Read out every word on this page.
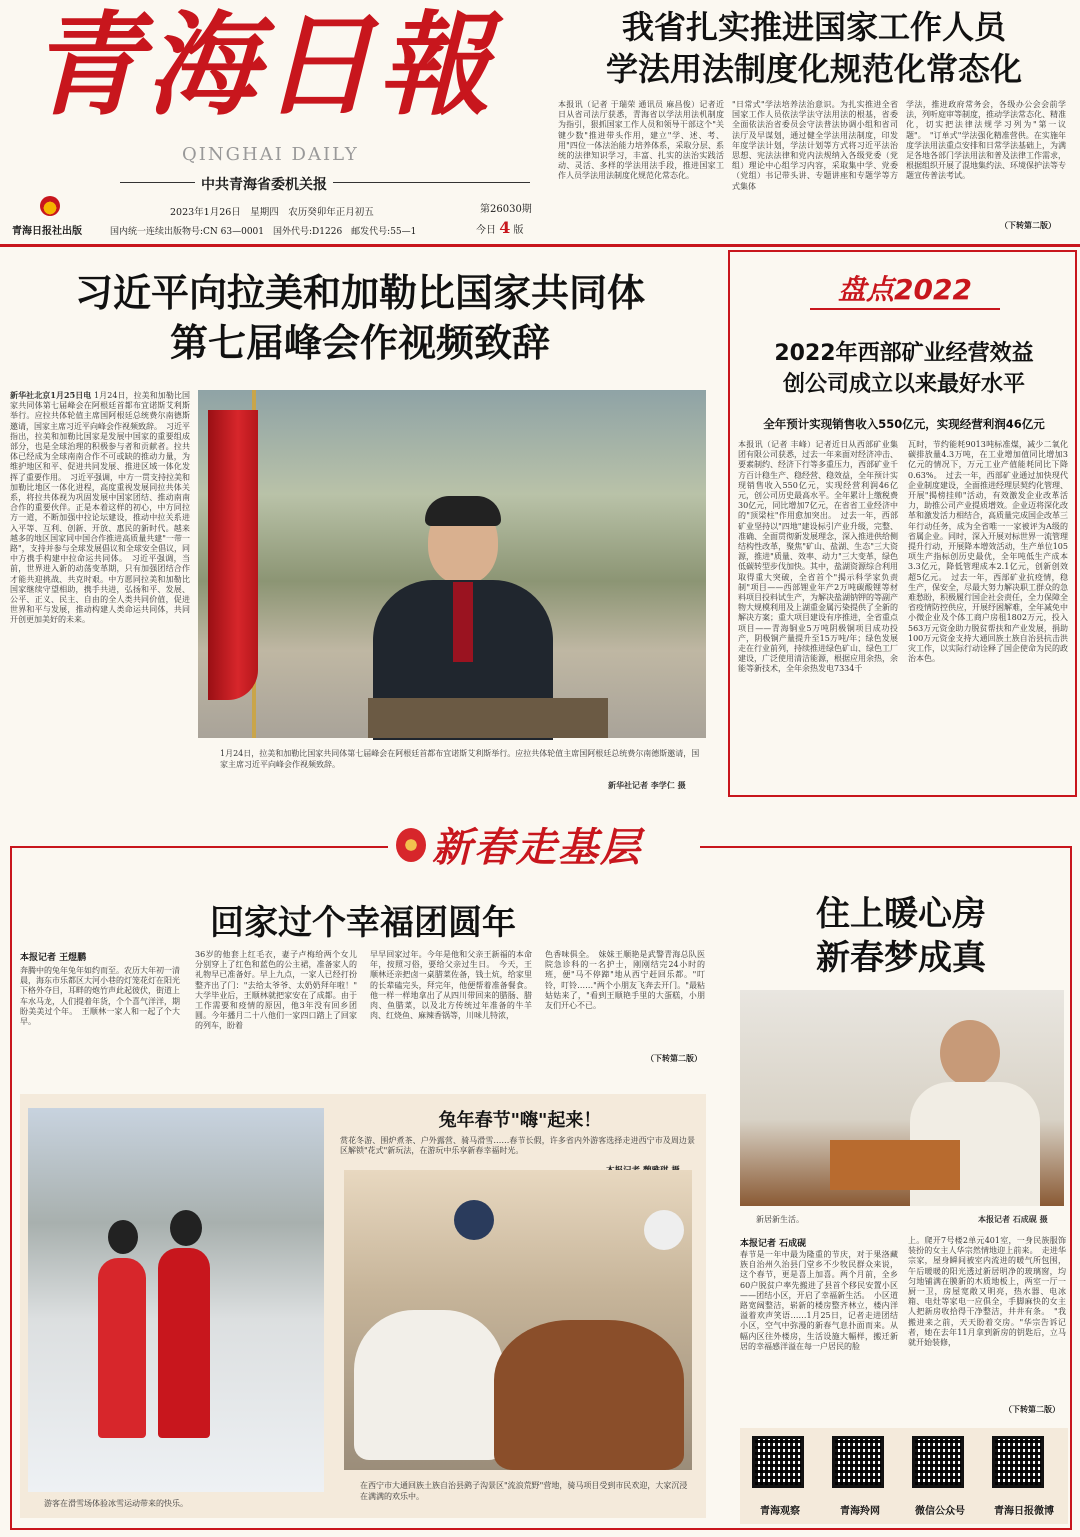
青海日報
QINGHAI DAILY
中共青海省委机关报
青海日报社出版
2023年1月26日　星期四　农历癸卯年正月初五	第26030期
国内统一连续出版物号:CN 63—0001　国外代号:D1226　邮发代号:55—1	今日 4 版
我省扎实推进国家工作人员
学法用法制度化规范化常态化
本报讯（记者 于瑞荣 通讯员 麻昌俊）记者近日从省司法厅获悉，青海省以学法用法机制度为指引，狠抓国家工作人员和领导干部这个"关键少数"推进带头作用，建立"学、述、考、用"四位一体法治能力培养体系，采取分层、系统的法律知识学习，丰富、扎实的法治实践活动、灵活、多样的学法用法手段，推进国家工作人员学法用法制度化规范化常态化。
"日常式"学法培养法治意识。为扎实推进全省国家工作人员依法学法守法用法的根基，省委全面依法治省委员会守法普法协调小组和省司法厅及早谋划，通过健全学法用法制度，印发年度学法计划，学法计划等方式将习近平法治思想、宪法法律和党内法规纳入各级党委（党组）理论中心组学习内容，采取集中学、党委（党组）书记带头讲、专题讲座和专题学等方式集体
学法，推进政府常务会，各级办公会会前学法，列听庭审等制度，推动学法常态化、精准化，切实把法律法规学习列为"第一议题"。　"订单式"学法强化精准营供。在实施年度学法用法重点安排和日常学法基础上，为满足各地各部门学法用法和普及法律工作需求，根据组织开展了混地集约法、环境保护法等专题宣传普法考试。
（下转第二版）
习近平向拉美和加勒比国家共同体
第七届峰会作视频致辞
新华社北京1月25日电 1月24日，拉美和加勒比国家共同体第七届峰会在阿根廷首都布宜诺斯艾利斯举行。应拉共体轮值主席国阿根廷总统费尔南德斯邀请，国家主席习近平向峰会作视频致辞。　习近平指出，拉美和加勒比国家是发展中国家的重要组成部分，也是全球治理的积极参与者和贡献者。拉共体已经成为全球南南合作不可或缺的推动力量，为维护地区和平、促进共同发展、推进区域一体化发挥了重要作用。　习近平强调，中方一贯支持拉美和加勒比地区一体化进程，高度重视发展同拉共体关系，将拉共体视为巩固发展中国家团结、推动南南合作的重要伙伴。正是本着这样的初心，中方同拉方一道，不断加强中拉论坛建设，推动中拉关系进入平等、互利、创新、开放、惠民的新时代。越来越多的地区国家同中国合作推进高质量共建"一带一路"，支持并参与全球发展倡议和全球安全倡议，同中方携手构建中拉命运共同体。　习近平强调，当前，世界进入新的动荡变革期，只有加强团结合作才能共迎挑战、共克时艰。中方愿同拉美和加勒比国家继续守望相助，携手共进，弘扬和平、发展、公平、正义、民主、自由的全人类共同价值，促进世界和平与发展，推动构建人类命运共同体，共同开创更加美好的未来。
1月24日，拉美和加勒比国家共同体第七届峰会在阿根廷首都布宜诺斯艾利斯举行。应拉共体轮值主席国阿根廷总统费尔南德斯邀请，国家主席习近平向峰会作视频致辞。
新华社记者 李学仁 摄
盘点2022
2022年西部矿业经营效益
创公司成立以来最好水平
全年预计实现销售收入550亿元，实现经营利润46亿元
本报讯（记者 丰峰）记者近日从西部矿业集团有限公司获悉，过去一年来面对经济冲击、要素制约、经济下行等多重压力，西部矿业千方百计稳生产、稳经营、稳效益，全年预计实现销售收入550亿元，实现经营利润46亿元，创公司历史最高水平。全年累计上缴税费30亿元，同比增加7亿元，在省省工业经济中的"顶梁柱"作用愈加突出。　过去一年，西部矿业坚持以"四地"建设标引产业升级，完整、准确、全面贯彻新发展理念，深入推进供给侧结构性改革，聚焦"矿山、盐湖、生态"三大资源，推进"质量、效率、动力"三大变革，绿色低碳转型步伐加快。其中，盐湖资源综合利用取得重大突破，全省首个"揭示科学家负责制"项目——西部锂业年产2万吨碳酸锂等材料项目投料试生产，为解决盐湖钠钾的等副产物大规模利用及上湖重金属污染提供了全新的解决方案；重大项目建设有序推进，全省重点项目——青海铜业5万吨阴极铜项目成功投产，阴极铜产量提升至15万吨/年；绿色发展走在行业前列，持续推进绿色矿山、绿色工厂建设，广泛使用清洁能源，根据应用余热，余能等新技术，全年余热发电7334千
瓦时，节约能耗9013吨标准煤，减少二氧化碳排放量4.3万吨，在工业增加值同比增加3亿元的情况下，万元工业产值能耗同比下降0.63%。　过去一年，西部矿业通过加快现代企业制度建设，全面推进经理层契约化管理、开展"揭榜挂帅"活动，有效激发企业改革活力，助推公司产业提质增效。企业迈将深化改革和激发活力相结合，高质量完成国企改革三年行动任务，成为全省唯一一家被评为A级的省属企业。同时，深入开展对标世界一流管理提升行动，开展降本增效活动，生产单位105项生产指标创历史最优，全年吨低生产成本3.3亿元，降低管理成本2.1亿元，创新创效超5亿元。　过去一年，西部矿业抗疫情，稳生产，保安全，尽最大努力解决职工群众的急难愁盼，积极履行国企社会责任，全力保障全省疫情防控供应，开展纾困解难，全年减免中小微企业及个体工商户房租1802万元，投入563万元资金助力脱贫帮扶和产业发展，捐助100万元资金支持大通回族土族自治县抗击洪灾工作，以实际行动诠释了国企使命为民的政治本色。
新春走基层
回家过个幸福团圆年
本报记者 王煜鹏
奔腾中的兔年兔年如约而至。农历大年初一清晨，海东市乐都区大河小巷的灯笼花灯在阳光下格外夺目，耳畔的炮竹声此起彼伏，街道上车水马龙，人们提着年货，个个喜气洋洋，期盼美美过个年。　王顺林一家人和一起了个大早。
36岁的他套上红毛衣，妻子卢梅给两个女儿分别穿上了红色和蓝色的公主裙，准备家人的礼物早已准备好。早上九点，一家人已经打扮整齐出了门："去给太爷爷、太奶奶拜年啦！"　大学毕业后，王顺林就把家安在了成都。由于工作需要和疫情的原因，他3年没有回乡团圆。今年播月二十八他们一家四口踏上了回家的列车，盼着
早早回家过年。今年是他和父亲王新福的本命年，按照习俗，要给父亲过生日。　今天，王顺林还亲把卤一桌腊菜佐备，钱土炕，给家里的长辈磕完头，拜完年，他便帮着准备餐食。他一样一样地拿出了从四川带回来的腊肠、腊肉、鱼腊菜，以及北方传统过年准备的牛羊肉、红烧鱼、麻辣香锅等，川味儿特浓，
色香味俱全。　妹妹王顺艳是武警青海总队医院急诊科的一名护士，刚刚结完24小时的班，便"马不停蹄"地从西宁赶回乐都。"叮铃，叮铃……"两个小朋友飞奔去开门。"最粘姑姑来了，"看到王顺艳手里的大蛋糕，小朋友们开心不已。
（下转第二版）
兔年春节"嗨"起来！
赏花冬游、围炉煮茶、户外露营、骑马滑雪……春节长假，许多省内外游客选择走进西宁市及周边景区解锁"花式"新玩法，在游玩中乐享新春幸福时光。
游客在滑雪场体验冰雪运动带来的快乐。
在西宁市大通回族土族自治县鹞子沟景区"流浪荒野"营地，骑马项目受到市民欢迎，大家沉浸在满满的欢乐中。
住上暖心房
新春梦成真
新居新生活。	本报记者 石成砚 摄
本报记者 石成砚
春节是一年中最为隆重的节庆，对于果洛藏族自治州久治县门堂乡不少牧民群众来说，这个春节，更是喜上加喜。两个月前，全乡60户脱贫户率先搬进了县首个移民安置小区——团结小区，开启了幸福新生活。　小区道路宽阔整洁，崭新的楼房整齐林立，楼内洋溢着欢声笑语……1月25日，记者走进团结小区，空气中弥漫的新春气息扑面而来。从幅内区往外楼房，生活设施大幅样，搬迁新居的幸福感洋溢在每一户居民的脸
上。爬开7号楼2单元401室，一身民族服饰装扮的女主人华宗然情地迎上前来。　走进华宗家，屋身瞬间被室内流进的暖气所包围，午后暖暖的阳光透过新居明净的玻璃窗，均匀地铺满在膜新的木质地板上，两室一厅一厨一卫，房屋宽敞又明亮，热水器、电冰箱、电灶等家电一应俱全，手脚麻快的女主人把新房收拾得干净整洁，井井有条。　"我搬进来之前，天天盼着交房。"华宗告诉记者，她在去年11月拿到新房的钥匙后，立马就开始装修，
（下转第二版）
青海观察	青海羚网	微信公众号	青海日报微博
